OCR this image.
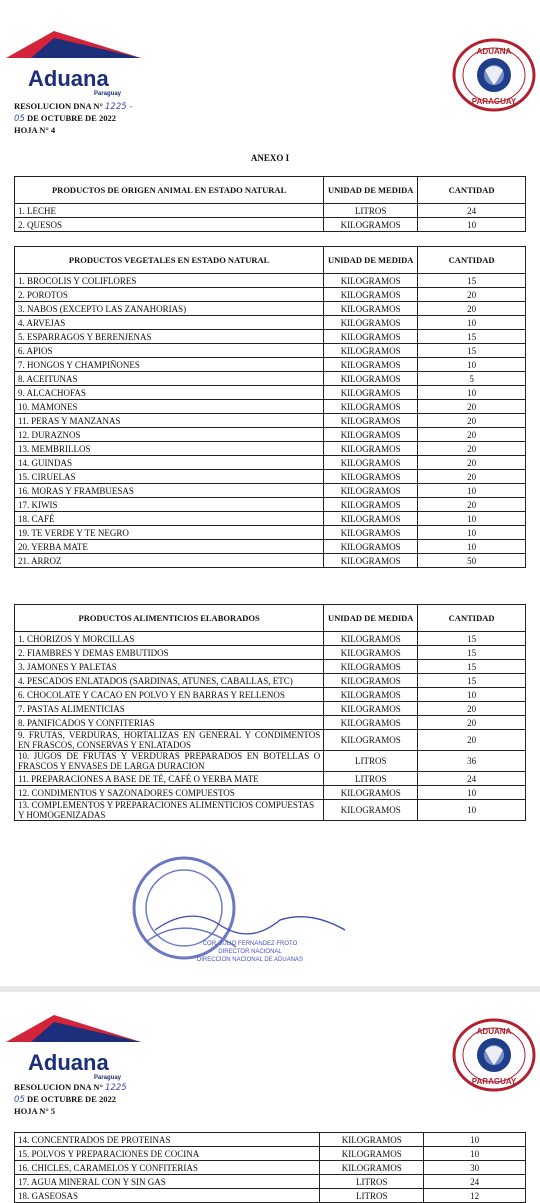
Aduana
Paraguay
ADUANA
PARAGUAY
RESOLUCION DNA N° 1225 -
05 DE OCTUBRE DE 2022
HOJA N° 4
ANEXO I
PRODUCTOS DE ORIGEN ANIMAL EN ESTADO NATURAL	UNIDAD DE MEDIDA	CANTIDAD
1. LECHE	LITROS	24
2. QUESOS	KILOGRAMOS	10
PRODUCTOS VEGETALES EN ESTADO NATURAL	UNIDAD DE MEDIDA	CANTIDAD
1. BROCOLIS Y COLIFLORES	KILOGRAMOS	15
2. POROTOS	KILOGRAMOS	20
3. NABOS (EXCEPTO LAS ZANAHORIAS)	KILOGRAMOS	20
4. ARVEJAS	KILOGRAMOS	10
5. ESPARRAGOS Y BERENJENAS	KILOGRAMOS	15
6. APIOS	KILOGRAMOS	15
7. HONGOS Y CHAMPIÑONES	KILOGRAMOS	10
8. ACEITUNAS	KILOGRAMOS	5
9. ALCACHOFAS	KILOGRAMOS	10
10. MAMONES	KILOGRAMOS	20
11. PERAS Y MANZANAS	KILOGRAMOS	20
12. DURAZNOS	KILOGRAMOS	20
13. MEMBRILLOS	KILOGRAMOS	20
14. GUINDAS	KILOGRAMOS	20
15. CIRUELAS	KILOGRAMOS	20
16. MORAS Y FRAMBUESAS	KILOGRAMOS	10
17. KIWIS	KILOGRAMOS	20
18. CAFÉ	KILOGRAMOS	10
19. TE VERDE Y TE NEGRO	KILOGRAMOS	10
20. YERBA MATE	KILOGRAMOS	10
21. ARROZ	KILOGRAMOS	50
PRODUCTOS ALIMENTICIOS ELABORADOS	UNIDAD DE MEDIDA	CANTIDAD
1. CHORIZOS Y MORCILLAS	KILOGRAMOS	15
2. FIAMBRES Y DEMAS EMBUTIDOS	KILOGRAMOS	15
3. JAMONES Y PALETAS	KILOGRAMOS	15
4. PESCADOS ENLATADOS (SARDINAS, ATUNES, CABALLAS, ETC)	KILOGRAMOS	15
6. CHOCOLATE Y CACAO EN POLVO Y EN BARRAS Y RELLENOS	KILOGRAMOS	10
7. PASTAS ALIMENTICIAS	KILOGRAMOS	20
8. PANIFICADOS Y CONFITERIAS	KILOGRAMOS	20
9. FRUTAS, VERDURAS, HORTALIZAS EN GENERAL Y CONDIMENTOS EN FRASCOS, CONSERVAS Y ENLATADOS	KILOGRAMOS	20
10. JUGOS DE FRUTAS Y VERDURAS PREPARADOS EN BOTELLAS O FRASCOS Y ENVASES DE LARGA DURACION	LITROS	36
11. PREPARACIONES A BASE DE TÉ, CAFÉ O YERBA MATE	LITROS	24
12. CONDIMENTOS Y SAZONADORES COMPUESTOS	KILOGRAMOS	10
13. COMPLEMENTOS Y PREPARACIONES ALIMENTICIOS COMPUESTAS Y HOMOGENIZADAS	KILOGRAMOS	10
COR. JULIO FERNANDEZ FROTO
DIRECTOR NACIONAL
DIRECCION NACIONAL DE ADUANAS
Aduana
Paraguay
ADUANA
PARAGUAY
RESOLUCION DNA N° 1225
05 DE OCTUBRE DE 2022
HOJA N° 5
14. CONCENTRADOS DE PROTEINAS	KILOGRAMOS	10
15. POLVOS Y PREPARACIONES DE COCINA	KILOGRAMOS	10
16. CHICLES, CARAMELOS Y CONFITERIAS	KILOGRAMOS	30
17. AGUA MINERAL CON Y SIN GAS	LITROS	24
18. GASEOSAS	LITROS	12
